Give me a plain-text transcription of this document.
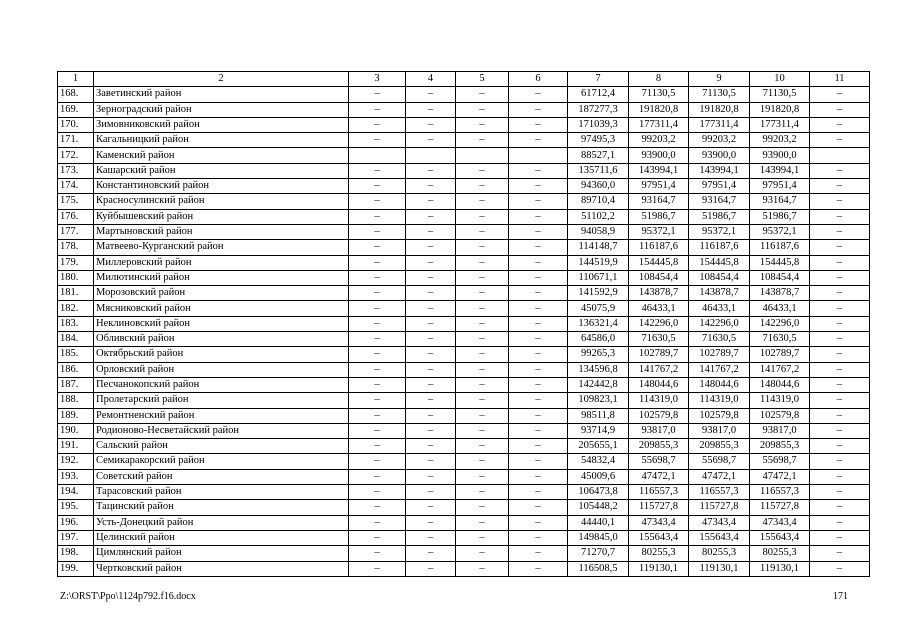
1	2	3	4	5	6	7	8	9	10	11
168.	Заветинский район	–	–	–	–	61712,4	71130,5	71130,5	71130,5	–
169.	Зерноградский район	–	–	–	–	187277,3	191820,8	191820,8	191820,8	–
170.	Зимовниковский район	–	–	–	–	171039,3	177311,4	177311,4	177311,4	–
171.	Кагальницкий район	–	–	–	–	97495,3	99203,2	99203,2	99203,2	–
172.	Каменский район					88527,1	93900,0	93900,0	93900,0	
173.	Кашарский район	–	–	–	–	135711,6	143994,1	143994,1	143994,1	–
174.	Константиновский район	–	–	–	–	94360,0	97951,4	97951,4	97951,4	–
175.	Красносулинский район	–	–	–	–	89710,4	93164,7	93164,7	93164,7	–
176.	Куйбышевский район	–	–	–	–	51102,2	51986,7	51986,7	51986,7	–
177.	Мартыновский район	–	–	–	–	94058,9	95372,1	95372,1	95372,1	–
178.	Матвеево-Курганский район	–	–	–	–	114148,7	116187,6	116187,6	116187,6	–
179.	Миллеровский район	–	–	–	–	144519,9	154445,8	154445,8	154445,8	–
180.	Милютинский район	–	–	–	–	110671,1	108454,4	108454,4	108454,4	–
181.	Морозовский район	–	–	–	–	141592,9	143878,7	143878,7	143878,7	–
182.	Мясниковский район	–	–	–	–	45075,9	46433,1	46433,1	46433,1	–
183.	Неклиновский район	–	–	–	–	136321,4	142296,0	142296,0	142296,0	–
184.	Обливский район	–	–	–	–	64586,0	71630,5	71630,5	71630,5	–
185.	Октябрьский район	–	–	–	–	99265,3	102789,7	102789,7	102789,7	–
186.	Орловский район	–	–	–	–	134596,8	141767,2	141767,2	141767,2	–
187.	Песчанокопский район	–	–	–	–	142442,8	148044,6	148044,6	148044,6	–
188.	Пролетарский район	–	–	–	–	109823,1	114319,0	114319,0	114319,0	–
189.	Ремонтненский район	–	–	–	–	98511,8	102579,8	102579,8	102579,8	–
190.	Родионово-Несветайский район	–	–	–	–	93714,9	93817,0	93817,0	93817,0	–
191.	Сальский район	–	–	–	–	205655,1	209855,3	209855,3	209855,3	–
192.	Семикаракорский район	–	–	–	–	54832,4	55698,7	55698,7	55698,7	–
193.	Советский район	–	–	–	–	45009,6	47472,1	47472,1	47472,1	–
194.	Тарасовский район	–	–	–	–	106473,8	116557,3	116557,3	116557,3	–
195.	Тацинский район	–	–	–	–	105448,2	115727,8	115727,8	115727,8	–
196.	Усть-Донецкий район	–	–	–	–	44440,1	47343,4	47343,4	47343,4	–
197.	Целинский район	–	–	–	–	149845,0	155643,4	155643,4	155643,4	–
198.	Цимлянский район	–	–	–	–	71270,7	80255,3	80255,3	80255,3	–
199.	Чертковский район	–	–	–	–	116508,5	119130,1	119130,1	119130,1	–
Z:\ORST\Ppo\1124p792.f16.docx	171
